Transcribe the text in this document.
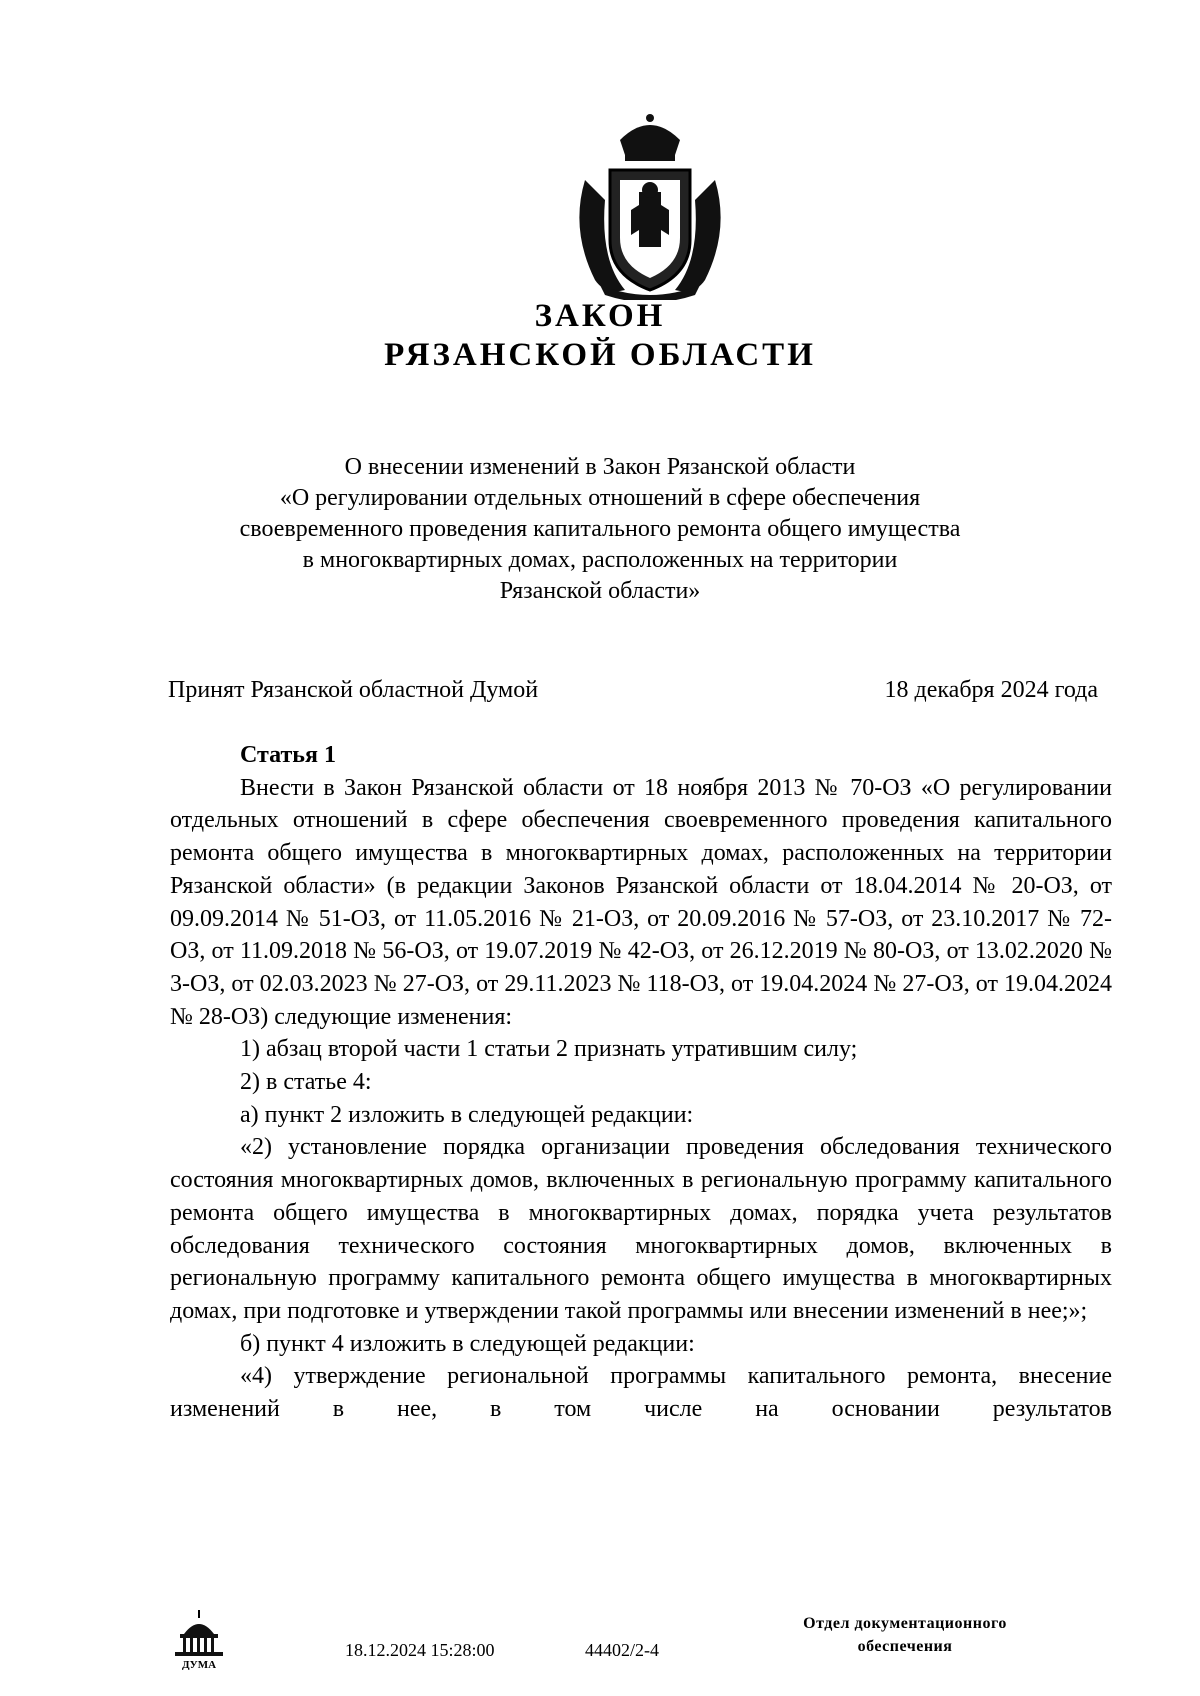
ЗАКОН
РЯЗАНСКОЙ ОБЛАСТИ
О внесении изменений в Закон Рязанской области
«О регулировании отдельных отношений в сфере обеспечения
своевременного проведения капитального ремонта общего имущества
в многоквартирных домах, расположенных на территории
Рязанской области»
Принят Рязанской областной Думой	18 декабря 2024 года

Статья 1

Внести в Закон Рязанской области от 18 ноября 2013 № 70-ОЗ «О регулировании отдельных отношений в сфере обеспечения своевременного проведения капитального ремонта общего имущества в многоквартирных домах, расположенных на территории Рязанской области» (в редакции Законов Рязанской области от 18.04.2014 № 20-ОЗ, от 09.09.2014 № 51-ОЗ, от 11.05.2016 № 21-ОЗ, от 20.09.2016 № 57-ОЗ, от 23.10.2017 № 72-ОЗ, от 11.09.2018 № 56-ОЗ, от 19.07.2019 № 42-ОЗ, от 26.12.2019 № 80-ОЗ, от 13.02.2020 № 3-ОЗ, от 02.03.2023 № 27-ОЗ, от 29.11.2023 № 118-ОЗ, от 19.04.2024 № 27-ОЗ, от 19.04.2024 № 28-ОЗ) следующие изменения:

1) абзац второй части 1 статьи 2 признать утратившим силу;

2) в статье 4:

а) пункт 2 изложить в следующей редакции:

«2) установление порядка организации проведения обследования технического состояния многоквартирных домов, включенных в региональную программу капитального ремонта общего имущества в многоквартирных домах, порядка учета результатов обследования технического состояния многоквартирных домов, включенных в региональную программу капитального ремонта общего имущества в многоквартирных домах, при подготовке и утверждении такой программы или внесении изменений в нее;»;

б) пункт 4 изложить в следующей редакции:

«4) утверждение региональной программы капитального ремонта, внесение изменений в нее, в том числе на основании результатов

ДУМА
Отдел документационного
обеспечения
18.12.2024 15:28:00	44402/2-4
